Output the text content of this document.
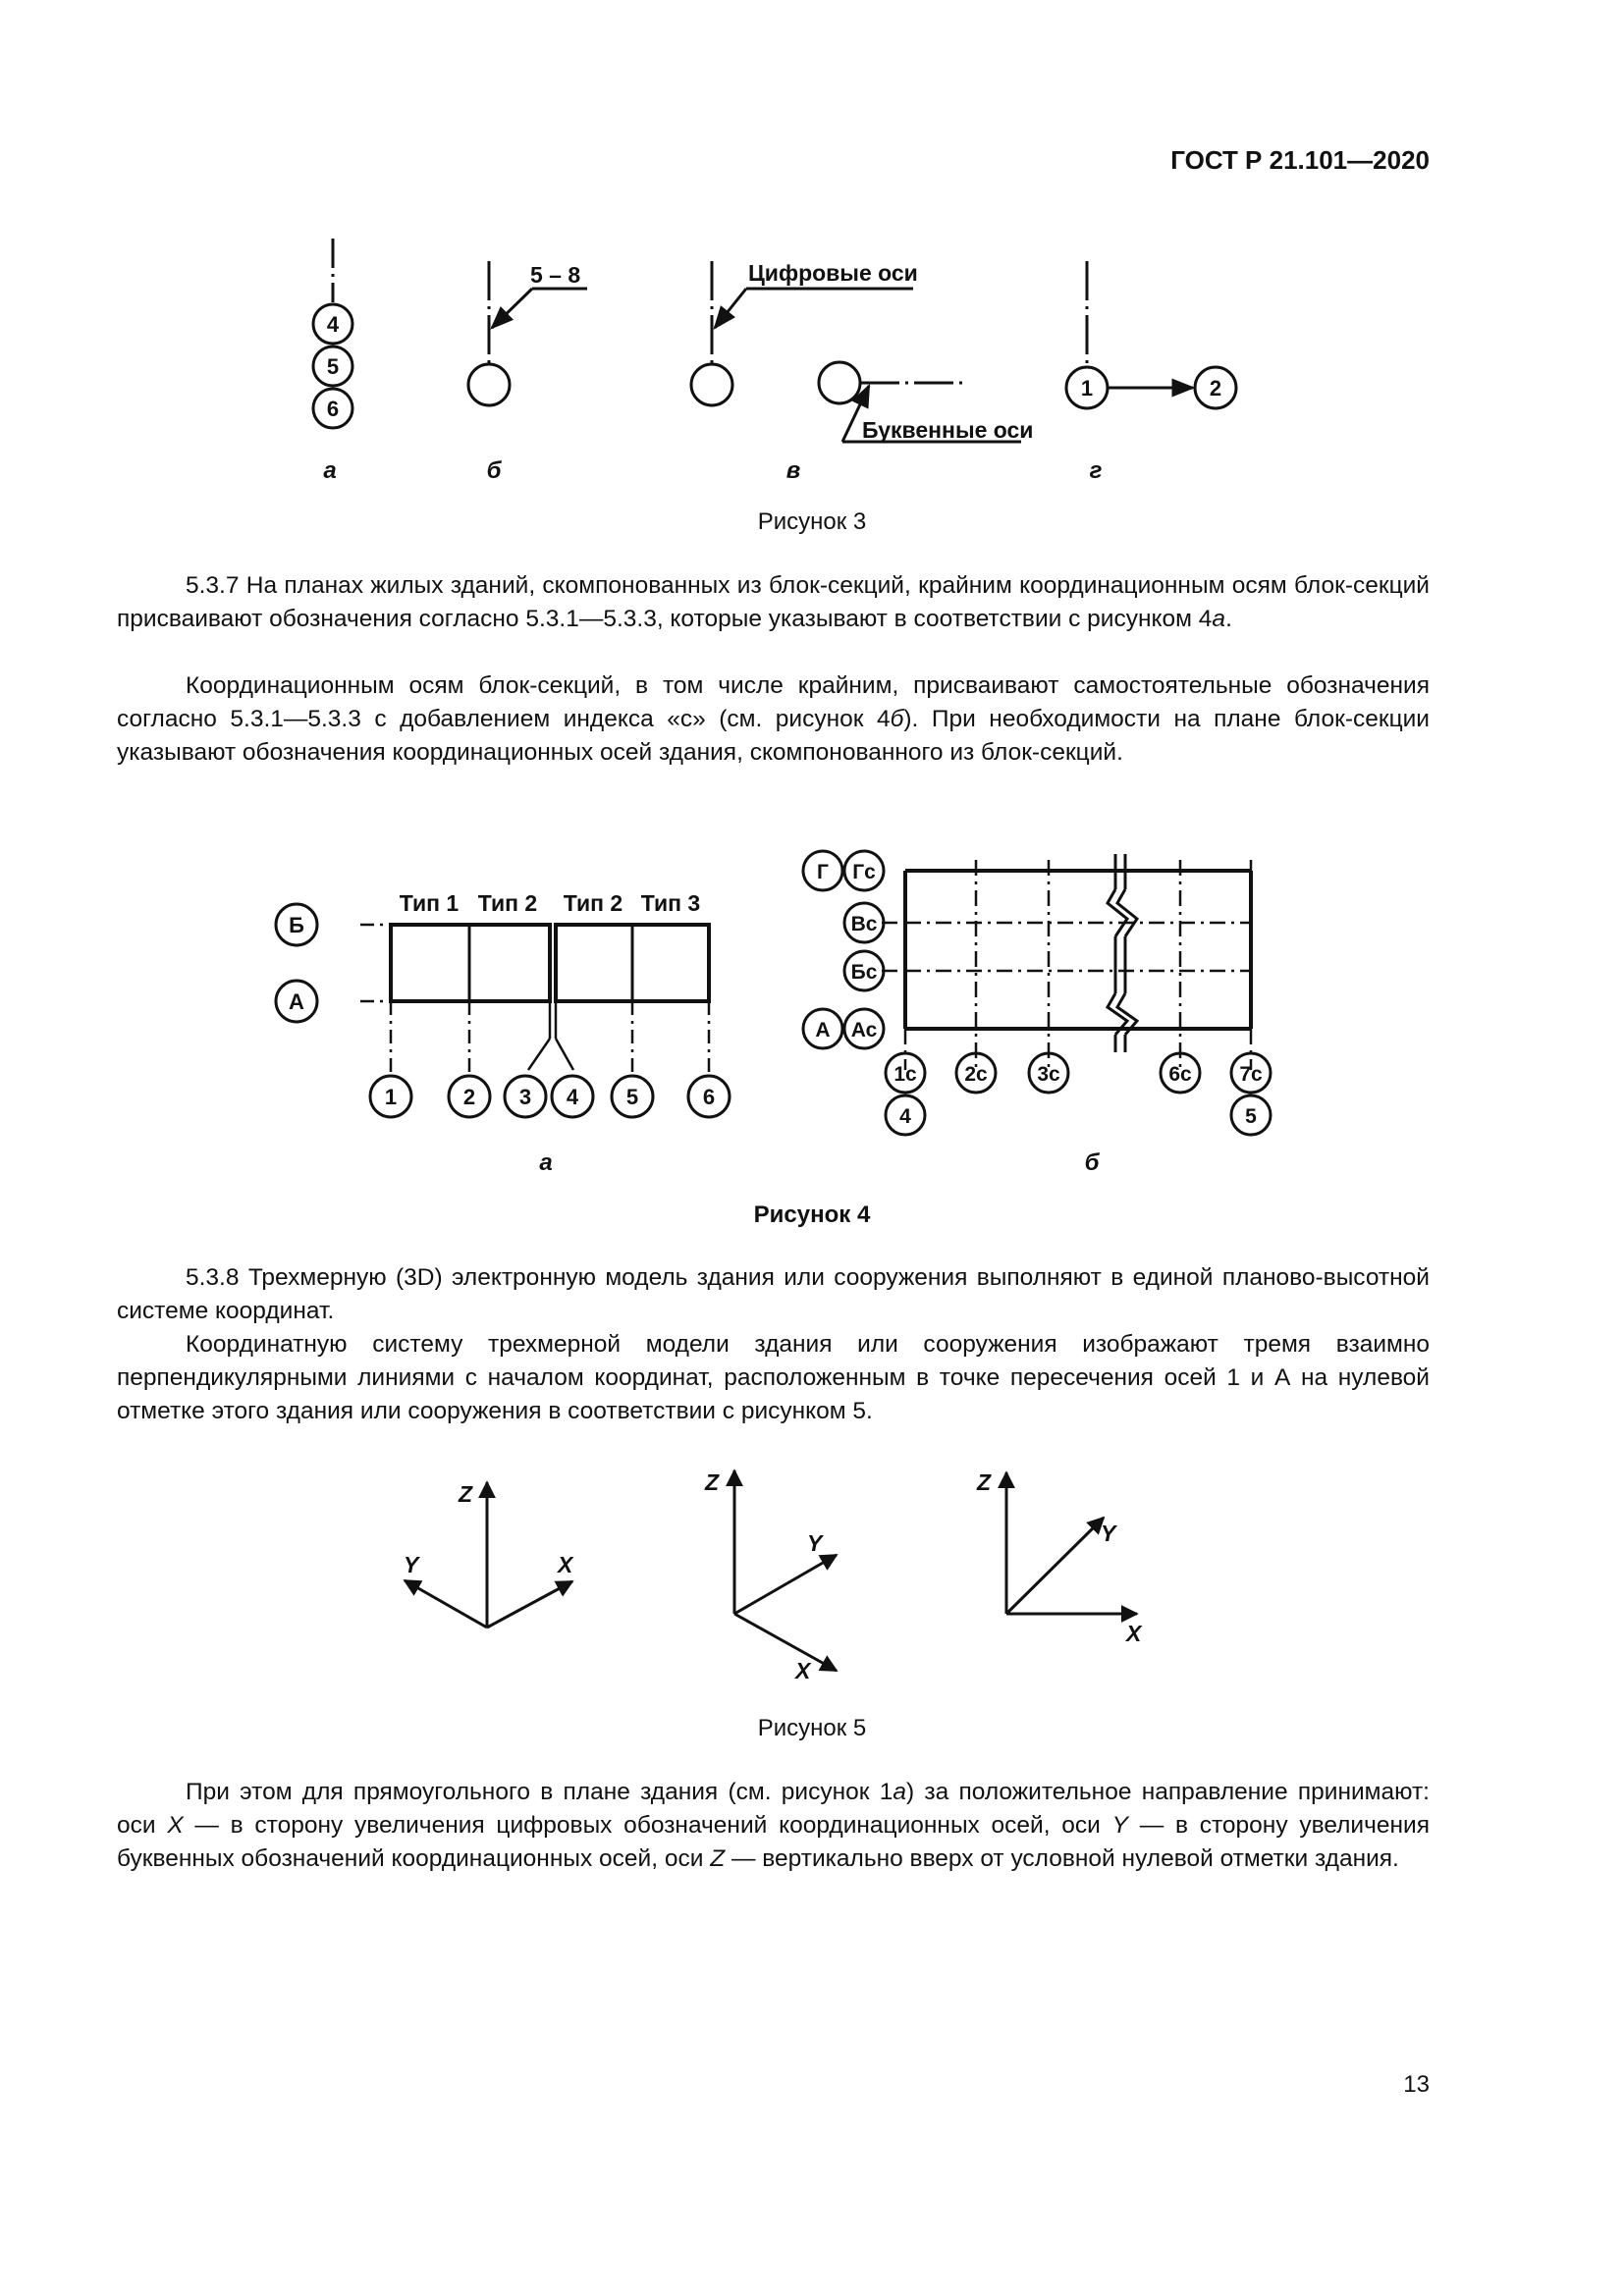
ГОСТ Р 21.101—2020
4
5
6
1	2
5 – 8	Цифровые оси
Буквенные оси
а	б	в	г
Рисунок 3

5.3.7 На планах жилых зданий, скомпонованных из блок-секций, крайним координационным осям блок-секций присваивают обозначения согласно 5.3.1—5.3.3, которые указывают в соответствии с рисунком 4а.

Координационным осям блок-секций, в том числе крайним, присваивают самостоятельные обозначения согласно 5.3.1—5.3.3 с добавлением индекса «с» (см. рисунок 4б). При необходимости на плане блок-секции указывают обозначения координационных осей здания, скомпонованного из блок-секций.

Тип 1 Тип 2 Тип 2 Тип 3
Б
А
1	2 3 4 5	6
а
Г Гс
Вс
Бс
А Ас
1с 2с 3с	6с 7с
4	5
б
Рисунок 4

5.3.8 Трехмерную (3D) электронную модель здания или сооружения выполняют в единой планово-высотной системе координат.

Координатную систему трехмерной модели здания или сооружения изображают тремя взаимно перпендикулярными линиями с началом координат, расположенным в точке пересечения осей 1 и А на нулевой отметке этого здания или сооружения в соответствии с рисунком 5.

Z
X
Y
Z
X
Y
Z
X
Y
Рисунок 5

При этом для прямоугольного в плане здания (см. рисунок 1а) за положительное направление принимают: оси X — в сторону увеличения цифровых обозначений координационных осей, оси Y — в сторону увеличения буквенных обозначений координационных осей, оси Z — вертикально вверх от условной нулевой отметки здания.

13
